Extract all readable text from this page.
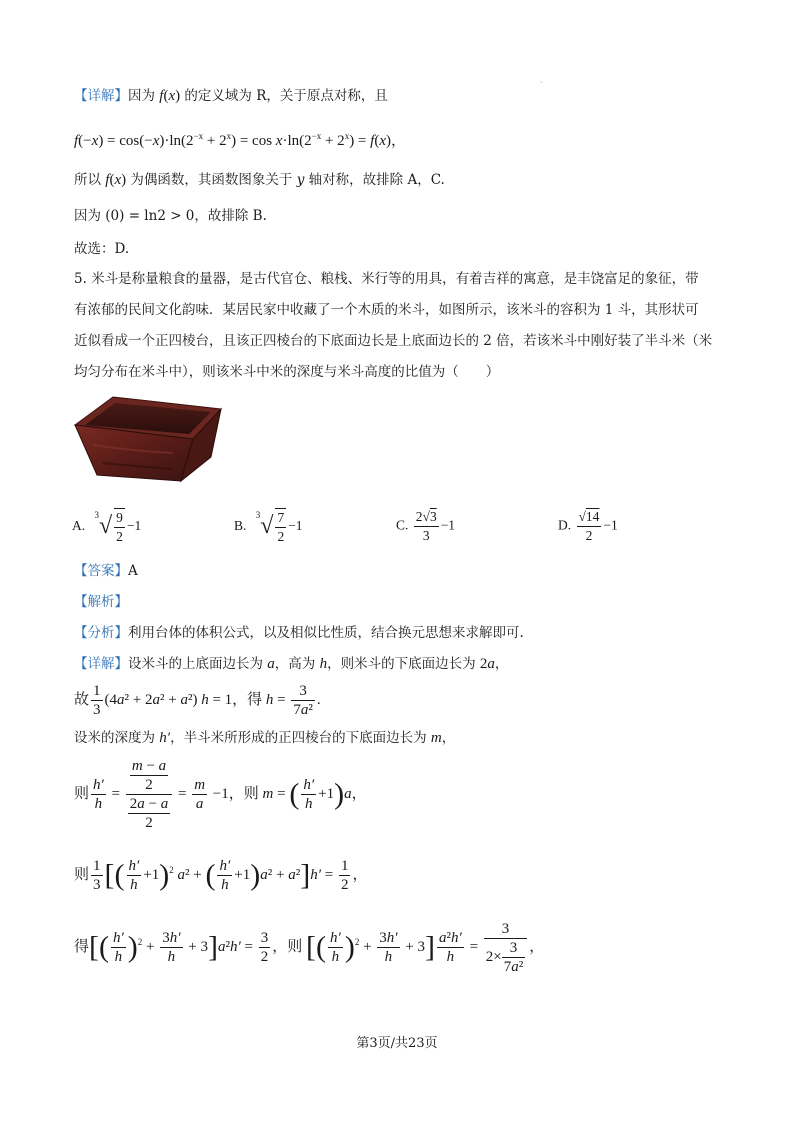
·
【详解】因为 f(x) 的定义域为 R，关于原点对称，且
$f(-x) = \cos(-x)\cdot\ln(2^{-x} + 2^x) = \cos x\cdot\ln(2^{-x} + 2^x) = f(x)$，
所以 f(x) 为偶函数，其函数图象关于 y 轴对称，故排除 A，C.
因为 (0) = ln2 > 0，故排除 B.
故选：D.
5. 米斗是称量粮食的量器，是古代官仓、粮栈、米行等的用具，有着吉祥的寓意，是丰饶富足的象征，带
有浓郁的民间文化韵味．某居民家中收藏了一个木质的米斗，如图所示，该米斗的容积为 1 斗，其形状可
近似看成一个正四棱台，且该正四棱台的下底面边长是上底面边长的 2 倍，若该米斗中刚好装了半斗米（米
均匀分布在米斗中），则该米斗中米的深度与米斗高度的比值为（　　）
A. $^3√ \frac{9}{2} -1$	B. $^3√ \frac{7}{2} -1$	C. $\frac{2√3}{3} -1$	D. $\frac{√14}{2} -1$
【答案】A
【解析】
【分析】利用台体的体积公式，以及相似比性质，结合换元思想来求解即可.
【详解】设米斗的上底面边长为 a，高为 h，则米斗的下底面边长为 2a，
故 $\frac{1}{3} (4a^2 + 2a^2 + a^2) h = 1$，得 $h = \frac{3}{\text{7a²}}$ .
设米的深度为 h′，半斗米所形成的正四棱台的下底面边长为 m，
则 $\frac{h'}{h} = \frac{\frac{m - a}{2}}{\frac{2a - a}{2}} = \frac{m}{a} -1$，则 m = ( $\frac{h'}{h} +1)a$，
则 $\frac{1}{3}$ [( $\frac{h'}{h} +1)^2$ a² + ( $\frac{h'}{h} +1)a^2 + a^2]h' = \frac{1}{2}$ ，
得[( $\frac{h'}{h} )^2 + \frac{3h'}{h} + 3]a^2h' = \frac{3}{2}$ ，则 [( $\frac{h'}{h} )^2 + \frac{3h'}{h} + 3] \frac{\text{a²h′}}{h} = \frac{3}{2\times \frac{3}{\text{7a²}}}$ ，
第3页/共23页
